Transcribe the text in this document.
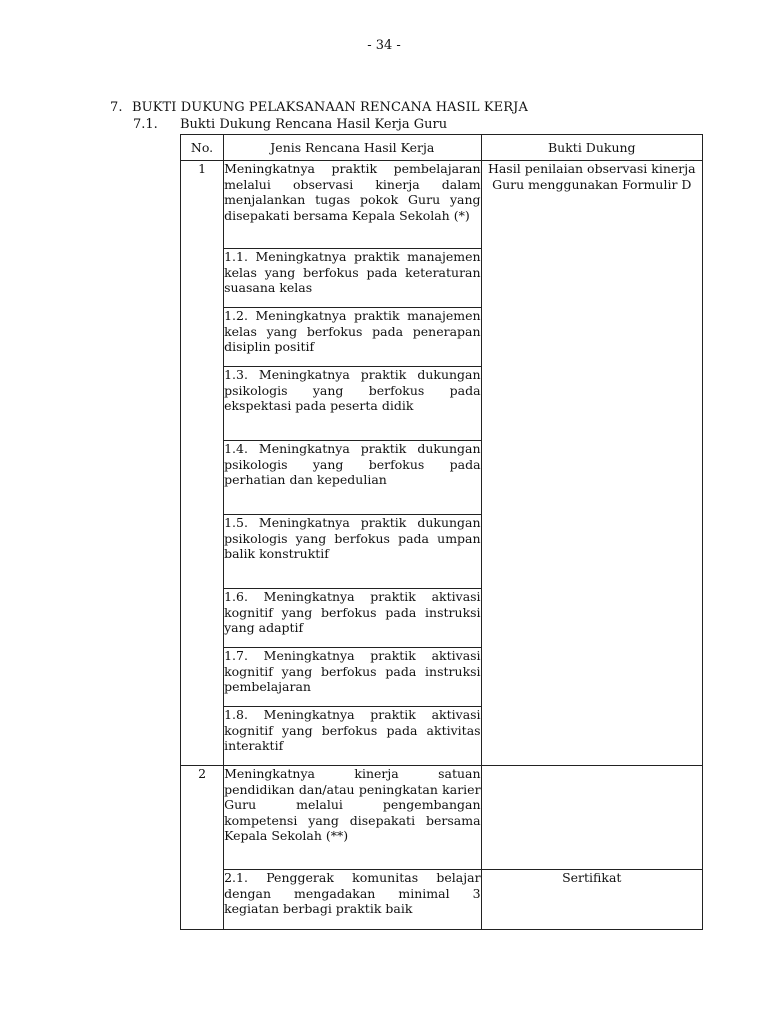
- 34 -
7. BUKTI DUKUNG PELAKSANAAN RENCANA HASIL KERJA
7.1. Bukti Dukung Rencana Hasil Kerja Guru
No.	Jenis Rencana Hasil Kerja	Bukti Dukung
1	Meningkatnya praktik pembelajaran melalui observasi kinerja dalam menjalankan tugas pokok Guru yang disepakati bersama Kepala Sekolah (*)	Hasil penilaian observasi kinerja Guru menggunakan Formulir D

	1.1. Meningkatnya praktik manajemen kelas yang berfokus pada keteraturan suasana kelas	

	1.2. Meningkatnya praktik manajemen kelas yang berfokus pada penerapan disiplin positif	

	1.3. Meningkatnya praktik dukungan psikologis yang berfokus pada ekspektasi pada peserta didik	

	1.4. Meningkatnya praktik dukungan psikologis yang berfokus pada perhatian dan kepedulian	

	1.5. Meningkatnya praktik dukungan psikologis yang berfokus pada umpan balik konstruktif	

	1.6. Meningkatnya praktik aktivasi kognitif yang berfokus pada instruksi yang adaptif	

	1.7. Meningkatnya praktik aktivasi kognitif yang berfokus pada instruksi pembelajaran	

	1.8. Meningkatnya praktik aktivasi kognitif yang berfokus pada aktivitas interaktif	

2	Meningkatnya kinerja satuan pendidikan dan/atau peningkatan karier Guru melalui pengembangan kompetensi yang disepakati bersama Kepala Sekolah (**)	

	2.1. Penggerak komunitas belajar dengan mengadakan minimal 3 kegiatan berbagi praktik baik	Sertifikat
